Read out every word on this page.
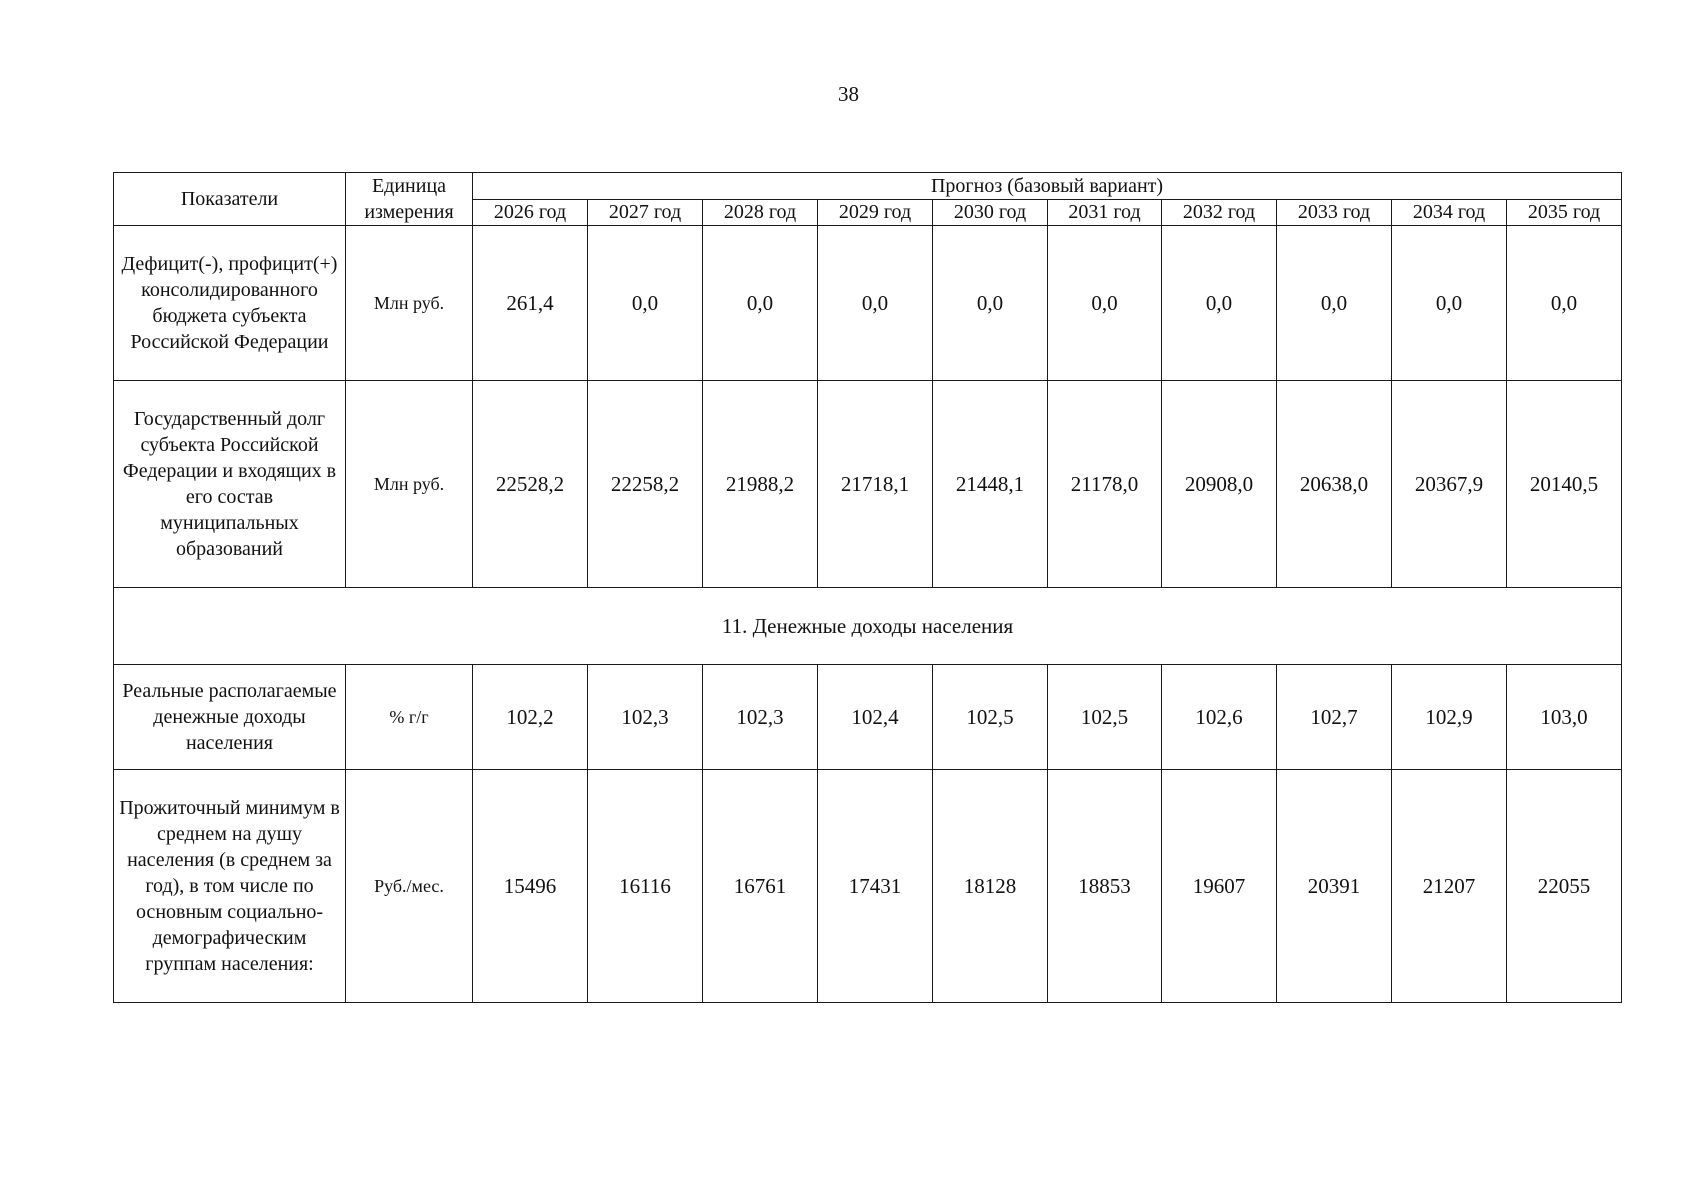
38
Показатели	Единица измерения	Прогноз (базовый вариант)									
		2026 год	2027 год	2028 год	2029 год	2030 год	2031 год	2032 год	2033 год	2034 год	2035 год
Дефицит(-), профицит(+) консолидированного бюджета субъекта Российской Федерации	Млн руб.	261,4	0,0	0,0	0,0	0,0	0,0	0,0	0,0	0,0	0,0
Государственный долг субъекта Российской Федерации и входящих в его состав муниципальных образований	Млн руб.	22528,2	22258,2	21988,2	21718,1	21448,1	21178,0	20908,0	20638,0	20367,9	20140,5
11. Денежные доходы населения											
Реальные располагаемые денежные доходы населения	% г/г	102,2	102,3	102,3	102,4	102,5	102,5	102,6	102,7	102,9	103,0
Прожиточный минимум в среднем на душу населения (в среднем за год), в том числе по основным социально-демографическим группам населения:	Руб./мес.	15496	16116	16761	17431	18128	18853	19607	20391	21207	22055
